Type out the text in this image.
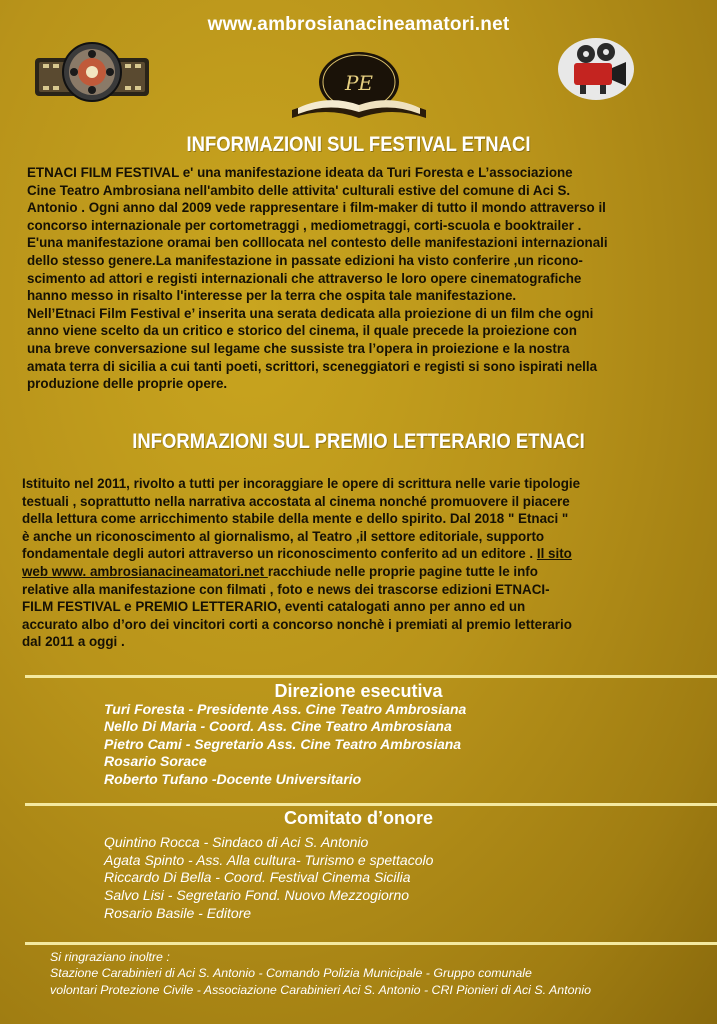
www.ambrosianacineamatori.net
PE
INFORMAZIONI SUL FESTIVAL ETNACI

ETNACI FILM FESTIVAL e' una manifestazione ideata da Turi Foresta e L’associazione
Cine Teatro Ambrosiana nell'ambito delle attivita' culturali estive del comune di Aci S.
Antonio . Ogni anno dal 2009 vede rappresentare i film-maker di tutto il mondo attraverso il
concorso internazionale per cortometraggi , mediometraggi, corti-scuola e booktrailer .
E'una manifestazione oramai ben colllocata nel contesto delle manifestazioni internazionali
dello stesso genere.La manifestazione in passate edizioni ha visto conferire ,un ricono-
scimento ad attori e registi internazionali che attraverso le loro opere cinematografiche
hanno messo in risalto l'interesse per la terra che ospita tale manifestazione.
Nell’Etnaci Film Festival e’ inserita una serata dedicata alla proiezione di un film che ogni
anno viene scelto da un critico e storico del cinema, il quale precede la proiezione con
una breve conversazione sul legame che sussiste tra l’opera in proiezione e la nostra
amata terra di sicilia a cui tanti poeti, scrittori, sceneggiatori e registi si sono ispirati nella
produzione delle proprie opere.

INFORMAZIONI SUL PREMIO LETTERARIO ETNACI

Istituito nel 2011, rivolto a tutti per incoraggiare le opere di scrittura nelle varie tipologie
testuali , soprattutto nella narrativa accostata al cinema nonché promuovere il piacere
della lettura come arricchimento stabile della mente e dello spirito. Dal 2018 " Etnaci "
è anche un riconoscimento al giornalismo, al Teatro ,il settore editoriale, supporto
fondamentale degli autori attraverso un riconoscimento conferito ad un editore . Il sito
web www. ambrosianacineamatori.net racchiude nelle proprie pagine tutte le info
relative alla manifestazione con filmati , foto e news dei trascorse edizioni ETNACI-
FILM FESTIVAL e PREMIO LETTERARIO, eventi catalogati anno per anno ed un
accurato albo d’oro dei vincitori corti a concorso nonchè i premiati al premio letterario
dal 2011 a oggi .

Direzione esecutiva
Turi Foresta - Presidente Ass. Cine Teatro Ambrosiana
Nello Di Maria - Coord. Ass. Cine Teatro Ambrosiana
Pietro Cami - Segretario Ass. Cine Teatro Ambrosiana
Rosario Sorace
Roberto Tufano -Docente Universitario
Comitato d’onore
Quintino Rocca - Sindaco di Aci S. Antonio
Agata Spinto - Ass. Alla cultura- Turismo e spettacolo
Riccardo Di Bella - Coord. Festival Cinema Sicilia
Salvo Lisi - Segretario Fond. Nuovo Mezzogiorno
Rosario Basile - Editore

Si ringraziano inoltre :
Stazione Carabinieri di Aci S. Antonio - Comando Polizia Municipale - Gruppo comunale
volontari Protezione Civile - Associazione Carabinieri Aci S. Antonio - CRI Pionieri di Aci S. Antonio
